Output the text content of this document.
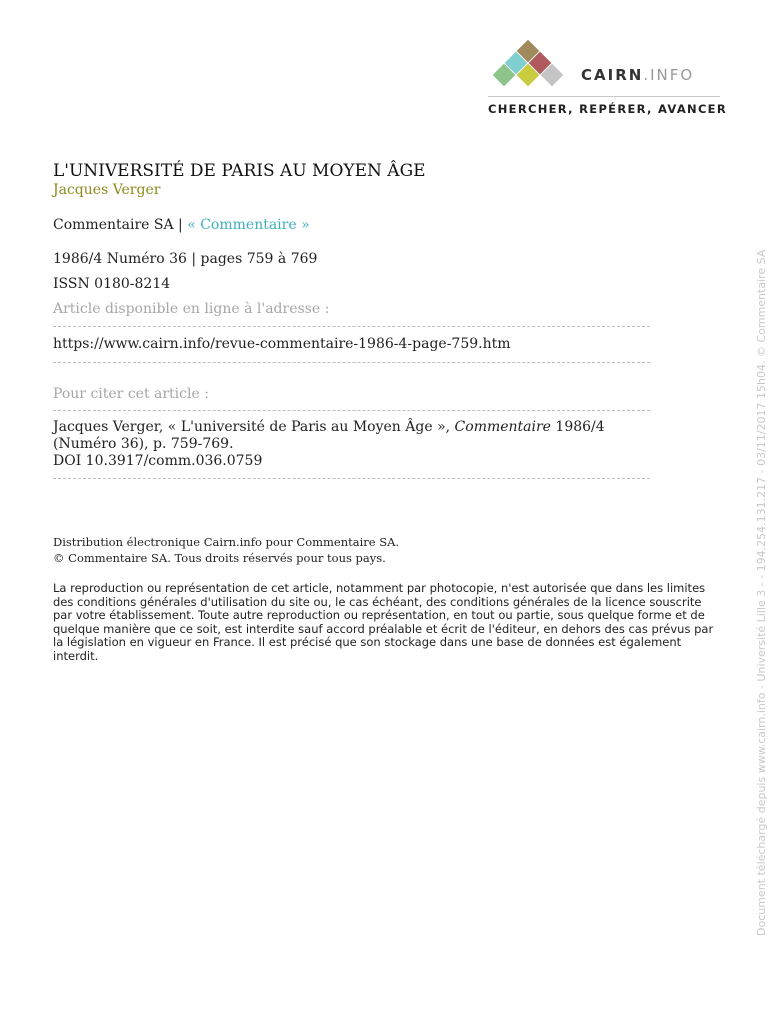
CAIRN.INFO
CHERCHER, REPÉRER, AVANCER

L'UNIVERSITÉ DE PARIS AU MOYEN ÂGE

Jacques Verger

Commentaire SA | « Commentaire »

1986/4 Numéro 36 | pages 759 à 769

ISSN 0180-8214

Article disponible en ligne à l'adresse :

https://www.cairn.info/revue-commentaire-1986-4-page-759.htm

Pour citer cet article :

Jacques Verger, « L'université de Paris au Moyen Âge », Commentaire 1986/4
(Numéro 36), p. 759-769.
DOI 10.3917/comm.036.0759

Distribution électronique Cairn.info pour Commentaire SA.

© Commentaire SA. Tous droits réservés pour tous pays.

La reproduction ou représentation de cet article, notamment par photocopie, n'est autorisée que dans les limites des conditions générales d'utilisation du site ou, le cas échéant, des conditions générales de la licence souscrite par votre établissement. Toute autre reproduction ou représentation, en tout ou partie, sous quelque forme et de quelque manière que ce soit, est interdite sauf accord préalable et écrit de l'éditeur, en dehors des cas prévus par la législation en vigueur en France. Il est précisé que son stockage dans une base de données est également interdit.	Document téléchargé depuis www.cairn.info - Université Lille 3 - - 194.254.131.217 - 03/11/2017 15h04. © Commentaire SA
